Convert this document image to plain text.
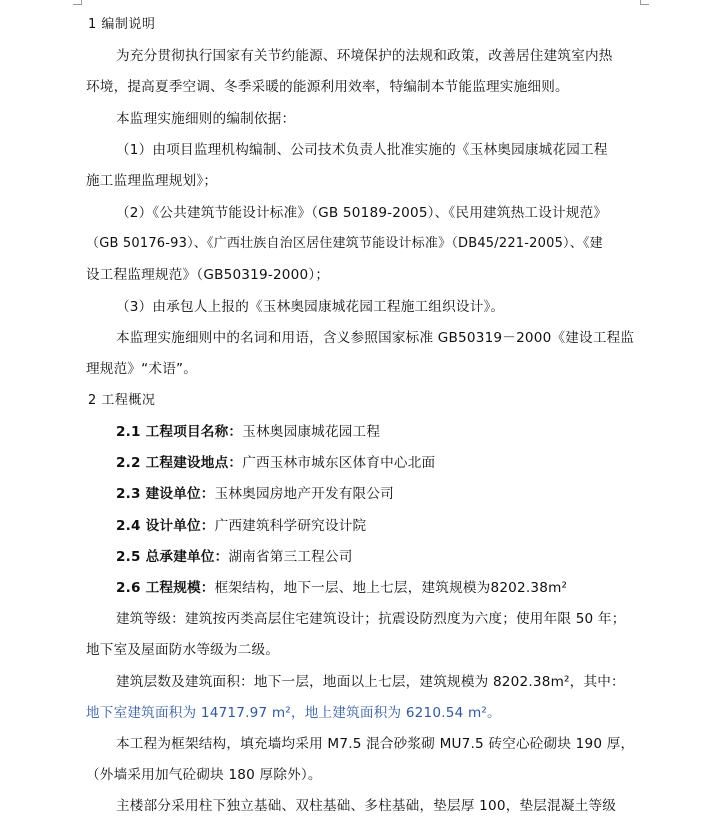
1 编制说明
为充分贯彻执行国家有关节约能源、环境保护的法规和政策，改善居住建筑室内热
环境，提高夏季空调、冬季采暖的能源利用效率，特编制本节能监理实施细则。
本监理实施细则的编制依据：
（1）由项目监理机构编制、公司技术负责人批准实施的《玉林奥园康城花园工程
施工监理监理规划》；
（2）《公共建筑节能设计标准》（GB 50189-2005）、《民用建筑热工设计规范》
（GB 50176-93）、《广西壮族自治区居住建筑节能设计标准》（DB45/221-2005）、《建
设工程监理规范》（GB50319-2000）；
（3）由承包人上报的《玉林奥园康城花园工程施工组织设计》。
本监理实施细则中的名词和用语，含义参照国家标准 GB50319－2000《建设工程监
理规范》“术语”。
2 工程概况
2.1 工程项目名称：玉林奥园康城花园工程
2.2 工程建设地点：广西玉林市城东区体育中心北面
2.3 建设单位：玉林奥园房地产开发有限公司
2.4 设计单位：广西建筑科学研究设计院
2.5 总承建单位：湖南省第三工程公司
2.6 工程规模：框架结构，地下一层、地上七层，建筑规模为8202.38m²
建筑等级：建筑按丙类高层住宅建筑设计；抗震设防烈度为六度；使用年限 50 年；
地下室及屋面防水等级为二级。
建筑层数及建筑面积：地下一层，地面以上七层，建筑规模为 8202.38m²，其中：
地下室建筑面积为 14717.97 m²，地上建筑面积为 6210.54 m²。
本工程为框架结构，填充墙均采用 M7.5 混合砂浆砌 MU7.5 砖空心砼砌块 190 厚，
（外墙采用加气砼砌块 180 厚除外）。
主楼部分采用柱下独立基础、双柱基础、多柱基础，垫层厚 100，垫层混凝土等级
